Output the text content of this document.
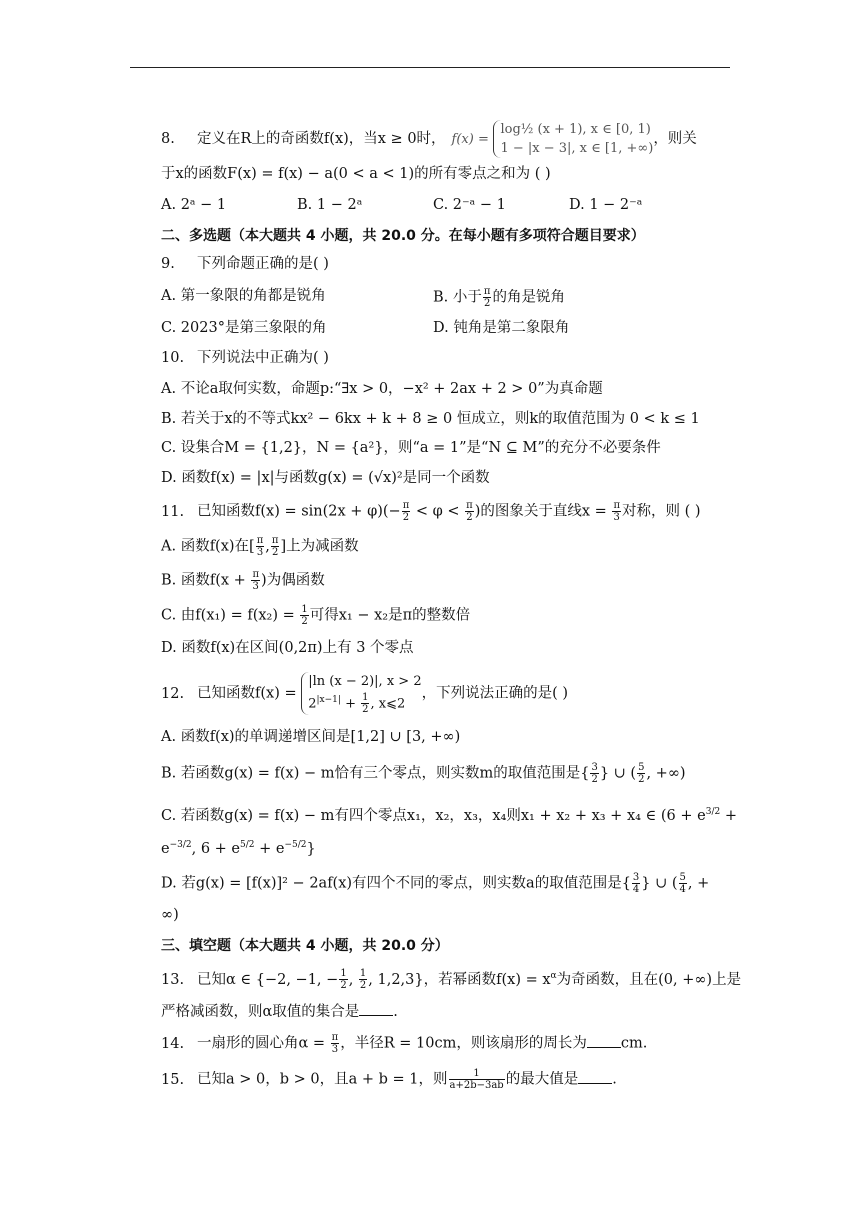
8. 定义在R上的奇函数f(x)，当x ≥ 0时， f(x) =
log½ (x + 1), x ∈ [0, 1)
1 − |x − 3|, x ∈ [1, +∞)
，则关
于x的函数F(x) = f(x) − a(0 < a < 1)的所有零点之和为 ( )
A. 2ᵃ − 1	B. 1 − 2ᵃ	C. 2⁻ᵃ − 1	D. 1 − 2⁻ᵃ
二、多选题（本大题共 4 小题，共 20.0 分。在每小题有多项符合题目要求）
9. 下列命题正确的是( )
A. 第一象限的角都是锐角	B. 小于 $\frac{\pi}{2}$ 的角是锐角
C. 2023°是第三象限的角	D. 钝角是第二象限角
10. 下列说法中正确为( )
A. 不论a取何实数，命题p:“∃x > 0，−x² + 2ax + 2 > 0”为真命题
B. 若关于x的不等式kx² − 6kx + k + 8 ≥ 0 恒成立，则k的取值范围为 0 < k ≤ 1
C. 设集合M = {1,2}，N = {a²}，则“a = 1”是“N ⊆ M”的充分不必要条件
D. 函数f(x) = |x|与函数g(x) = (√x)²是同一个函数
11. 已知函数$f(x) = \sin(2x + \varphi)(- \frac{\pi}{2} < \varphi < \frac{\pi}{2}$ )的图象关于直线$x = \frac{\pi}{3}$ 对称，则 ( )
A. 函数f(x)在[ $\frac{\pi}{3}$ , $\frac{\pi}{2}$ ]上为减函数
B. 函数$f(x + \frac{\pi}{3}$ )为偶函数
C. 由$f(x_1) = f(x_2) = \frac{1}{2}$ 可得x₁ − x₂是π的整数倍
D. 函数f(x)在区间(0,2π)上有 3 个零点
12. 已知函数f(x) =
|ln (x − 2)|, x > 2
$2^{|x-1|} + \frac{1}{2}$ , x⩽2
，下列说法正确的是( )
A. 函数f(x)的单调递增区间是[1,2] ∪ [3, +∞)
B. 若函数g(x) = f(x) − m恰有三个零点，则实数m的取值范围是{ $\frac{3}{2}$ } ∪ ( $\frac{5}{2}$ , +∞)
C. 若函数g(x) = f(x) − m有四个零点x₁，x₂，x₃，x₄则x₁ + x₂ + x₃ + x₄ ∈ ($6 + e^{3/2}$ +
$e^{-3/2}$, $6 + e^{5/2} + e^{-5/2}$}
D. 若g(x) = [f(x)]² − 2af(x)有四个不同的零点，则实数a的取值范围是{ $\frac{3}{4}$ } ∪ ( $\frac{5}{4}$ , +
∞)
三、填空题（本大题共 4 小题，共 20.0 分）
13. 已知α ∈ {−2, −1, − $\frac{1}{2}$ , $\frac{1}{2}$ , 1,2,3}，若幂函数$f(x) = x^\alpha$为奇函数，且在(0, +∞)上是
严格减函数，则α取值的集合是 .
14. 一扇形的圆心角$\alpha = \frac{\pi}{3}$ ，半径R = 10cm，则该扇形的周长为 cm.
15. 已知a > 0，b > 0，且a + b = 1，则 $\frac{1}{a+2b-3ab}$ 的最大值是 .
